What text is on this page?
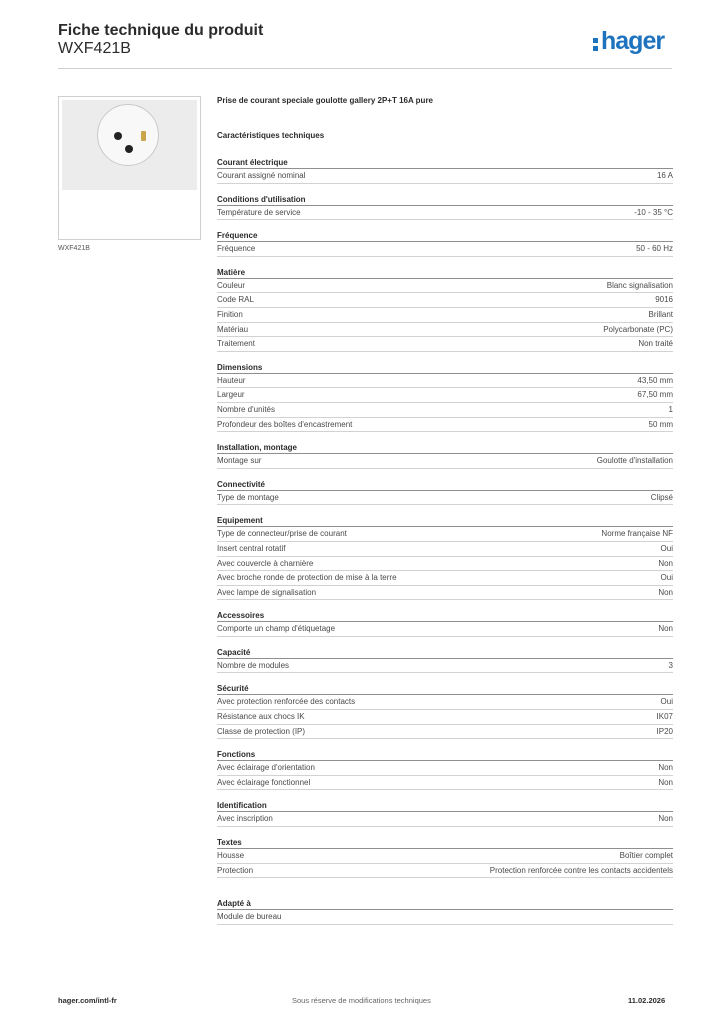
Fiche technique du produit
WXF421B	hager
WXF421B
Prise de courant speciale goulotte gallery 2P+T 16A pure
Caractéristiques techniques
Courant électrique
Courant assigné nominal	16 A
Conditions d'utilisation
Température de service	-10 - 35 °C
Fréquence
Fréquence	50 - 60 Hz
Matière
Couleur	Blanc signalisation
Code RAL	9016
Finition	Brillant
Matériau	Polycarbonate (PC)
Traitement	Non traité
Dimensions
Hauteur	43,50 mm
Largeur	67,50 mm
Nombre d'unités	1
Profondeur des boîtes d'encastrement	50 mm
Installation, montage
Montage sur	Goulotte d'installation
Connectivité
Type de montage	Clipsé
Equipement
Type de connecteur/prise de courant	Norme française NF
Insert central rotatif	Oui
Avec couvercle à charnière	Non
Avec broche ronde de protection de mise à la terre	Oui
Avec lampe de signalisation	Non
Accessoires
Comporte un champ d'étiquetage	Non
Capacité
Nombre de modules	3
Sécurité
Avec protection renforcée des contacts	Oui
Résistance aux chocs IK	IK07
Classe de protection (IP)	IP20
Fonctions
Avec éclairage d'orientation	Non
Avec éclairage fonctionnel	Non
Identification
Avec inscription	Non
Textes
Housse	Boîtier complet
Protection	Protection renforcée contre les contacts accidentels
Adapté à
Module de bureau
hager.com/intl-fr	Sous réserve de modifications techniques	11.02.2026
